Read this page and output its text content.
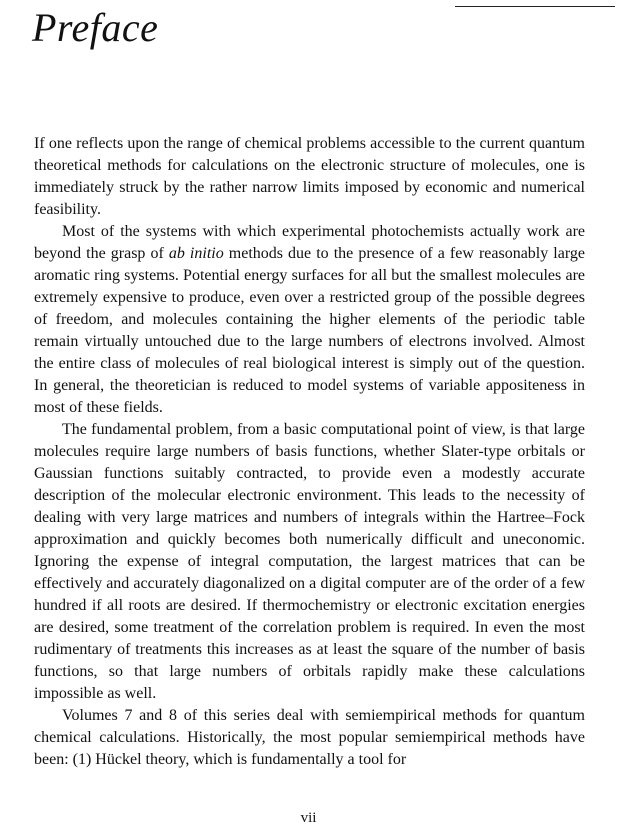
Preface

If one reflects upon the range of chemical problems accessible to the current quantum theoretical methods for calculations on the electronic structure of molecules, one is immediately struck by the rather narrow limits imposed by economic and numerical feasibility.

Most of the systems with which experimental photochemists actually work are beyond the grasp of ab initio methods due to the presence of a few reasonably large aromatic ring systems. Potential energy surfaces for all but the smallest molecules are extremely expensive to produce, even over a restricted group of the possible degrees of freedom, and molecules containing the higher elements of the periodic table remain virtually untouched due to the large numbers of electrons involved. Almost the entire class of molecules of real biological interest is simply out of the question. In general, the theoretician is reduced to model systems of variable appositeness in most of these fields.

The fundamental problem, from a basic computational point of view, is that large molecules require large numbers of basis functions, whether Slater-type orbitals or Gaussian functions suitably contracted, to provide even a modestly accurate description of the molecular electronic environment. This leads to the necessity of dealing with very large matrices and numbers of integrals within the Hartree–Fock approximation and quickly becomes both numerically difficult and uneconomic. Ignoring the expense of integral computation, the largest matrices that can be effectively and accurately diagonalized on a digital computer are of the order of a few hundred if all roots are desired. If thermochemistry or electronic excitation energies are desired, some treatment of the correlation problem is required. In even the most rudimentary of treatments this increases as at least the square of the number of basis functions, so that large numbers of orbitals rapidly make these calculations impossible as well.

Volumes 7 and 8 of this series deal with semiempirical methods for quantum chemical calculations. Historically, the most popular semiempirical methods have been: (1) Hückel theory, which is fundamentally a tool for

vii
